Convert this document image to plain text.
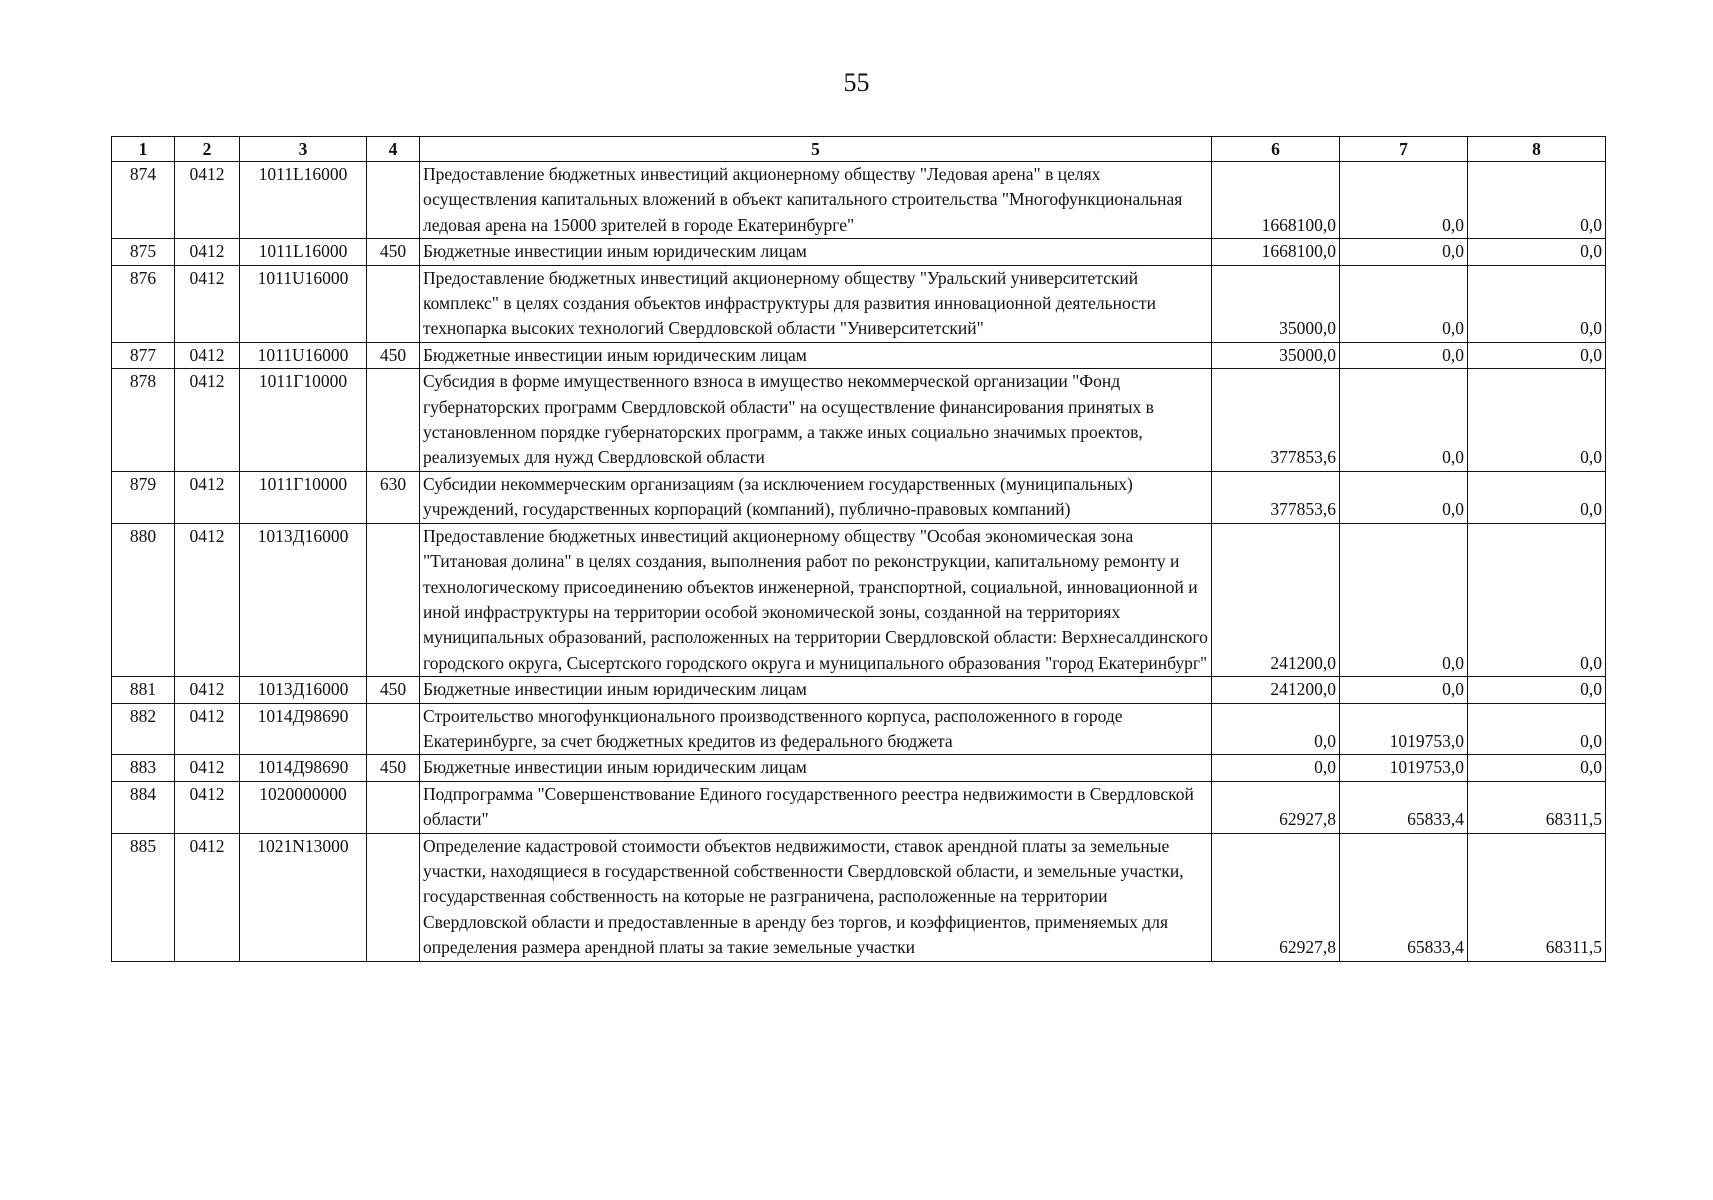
55
1	2	3	4	5	6	7	8
874	0412	1011L16000		Предоставление бюджетных инвестиций акционерному обществу "Ледовая арена" в целях осуществления капитальных вложений в объект капитального строительства "Многофункциональная ледовая арена на 15000 зрителей в городе Екатеринбурге"	1668100,0	0,0	0,0
875	0412	1011L16000	450	Бюджетные инвестиции иным юридическим лицам	1668100,0	0,0	0,0
876	0412	1011U16000		Предоставление бюджетных инвестиций акционерному обществу "Уральский университетский комплекс" в целях создания объектов инфраструктуры для развития инновационной деятельности технопарка высоких технологий Свердловской области "Университетский"	35000,0	0,0	0,0
877	0412	1011U16000	450	Бюджетные инвестиции иным юридическим лицам	35000,0	0,0	0,0
878	0412	1011Г10000		Субсидия в форме имущественного взноса в имущество некоммерческой организации "Фонд губернаторских программ Свердловской области" на осуществление финансирования принятых в установленном порядке губернаторских программ, а также иных социально значимых проектов, реализуемых для нужд Свердловской области	377853,6	0,0	0,0
879	0412	1011Г10000	630	Субсидии некоммерческим организациям (за исключением государственных (муниципальных) учреждений, государственных корпораций (компаний), публично-правовых компаний)	377853,6	0,0	0,0
880	0412	1013Д16000		Предоставление бюджетных инвестиций акционерному обществу "Особая экономическая зона "Титановая долина" в целях создания, выполнения работ по реконструкции, капитальному ремонту и технологическому присоединению объектов инженерной, транспортной, социальной, инновационной и иной инфраструктуры на территории особой экономической зоны, созданной на территориях муниципальных образований, расположенных на территории Свердловской области: Верхнесалдинского городского округа, Сысертского городского округа и муниципального образования "город Екатеринбург"	241200,0	0,0	0,0
881	0412	1013Д16000	450	Бюджетные инвестиции иным юридическим лицам	241200,0	0,0	0,0
882	0412	1014Д98690		Строительство многофункционального производственного корпуса, расположенного в городе Екатеринбурге, за счет бюджетных кредитов из федерального бюджета	0,0	1019753,0	0,0
883	0412	1014Д98690	450	Бюджетные инвестиции иным юридическим лицам	0,0	1019753,0	0,0
884	0412	1020000000		Подпрограмма "Совершенствование Единого государственного реестра недвижимости в Свердловской области"	62927,8	65833,4	68311,5
885	0412	1021N13000		Определение кадастровой стоимости объектов недвижимости, ставок арендной платы за земельные участки, находящиеся в государственной собственности Свердловской области, и земельные участки, государственная собственность на которые не разграничена, расположенные на территории Свердловской области и предоставленные в аренду без торгов, и коэффициентов, применяемых для определения размера арендной платы за такие земельные участки	62927,8	65833,4	68311,5
